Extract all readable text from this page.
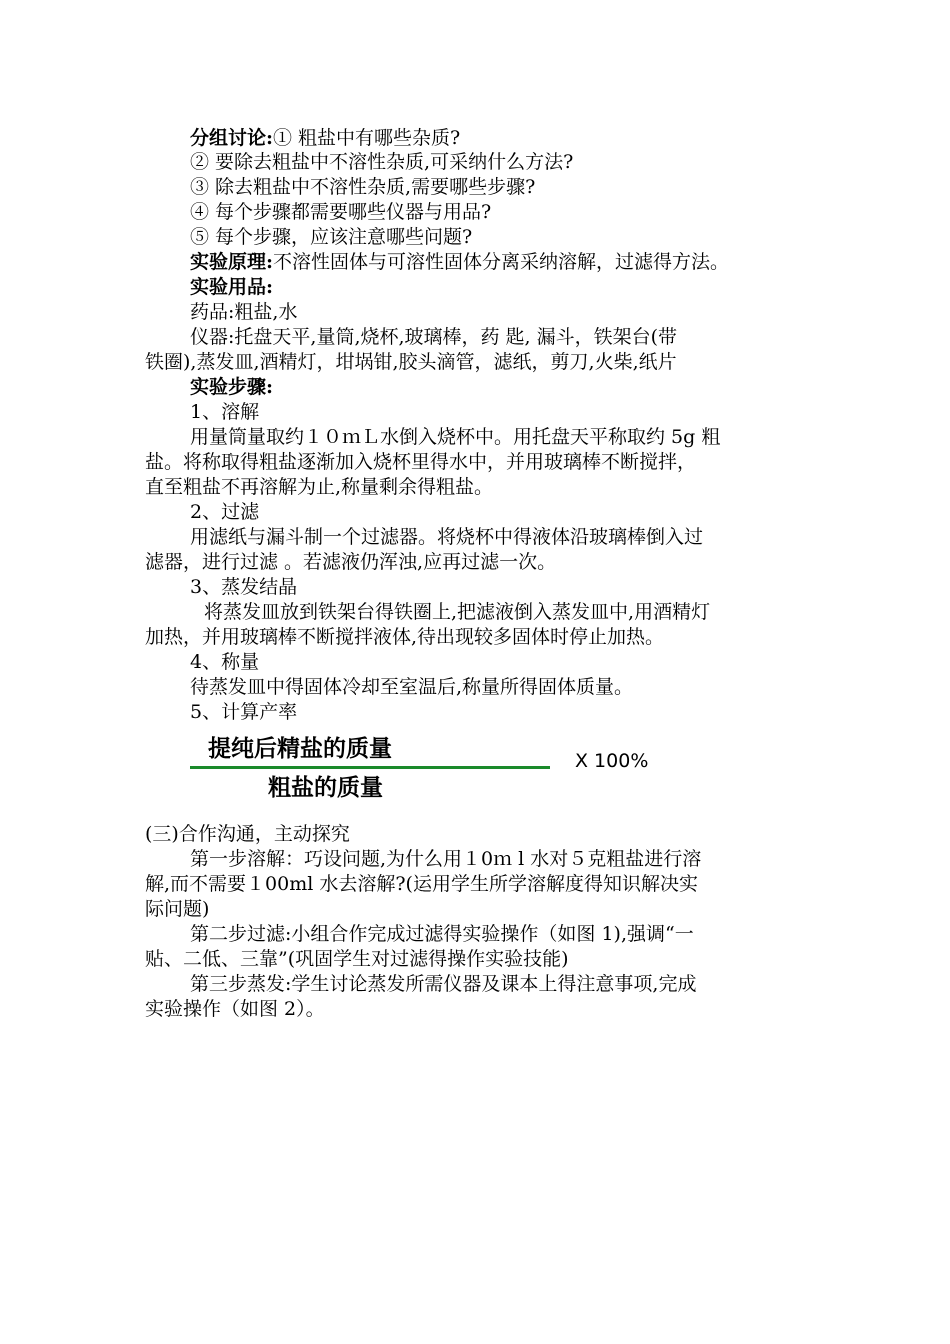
分组讨论:① 粗盐中有哪些杂质?
② 要除去粗盐中不溶性杂质,可采纳什么方法?
③ 除去粗盐中不溶性杂质,需要哪些步骤?
④ 每个步骤都需要哪些仪器与用品?
⑤ 每个步骤，应该注意哪些问题?
实验原理:不溶性固体与可溶性固体分离采纳溶解，过滤得方法。
实验用品:
药品:粗盐,水
仪器:托盘天平,量筒,烧杯,玻璃棒，药 匙, 漏斗，铁架台(带
铁圈),蒸发皿,酒精灯，坩埚钳,胶头滴管，滤纸，剪刀,火柴,纸片
实验步骤:
1、溶解
用量筒量取约１０ｍＬ水倒入烧杯中。用托盘天平称取约 5g 粗
盐。将称取得粗盐逐渐加入烧杯里得水中，并用玻璃棒不断搅拌，
直至粗盐不再溶解为止,称量剩余得粗盐。
2、过滤
用滤纸与漏斗制一个过滤器。将烧杯中得液体沿玻璃棒倒入过
滤器，进行过滤 。若滤液仍浑浊,应再过滤一次。
3、蒸发结晶
将蒸发皿放到铁架台得铁圈上,把滤液倒入蒸发皿中,用酒精灯
加热，并用玻璃棒不断搅拌液体,待出现较多固体时停止加热。
4、称量
待蒸发皿中得固体冷却至室温后,称量所得固体质量。
5、计算产率
提纯后精盐的质量
粗盐的质量
X 100%
(三)合作沟通，主动探究
第一步溶解：巧设问题,为什么用１0ｍ l 水对５克粗盐进行溶
解,而不需要１00ml 水去溶解?(运用学生所学溶解度得知识解决实
际问题)
第二步过滤:小组合作完成过滤得实验操作（如图 1),强调“一
贴、二低、三靠”(巩固学生对过滤得操作实验技能)
第三步蒸发:学生讨论蒸发所需仪器及课本上得注意事项,完成
实验操作（如图 2）。
